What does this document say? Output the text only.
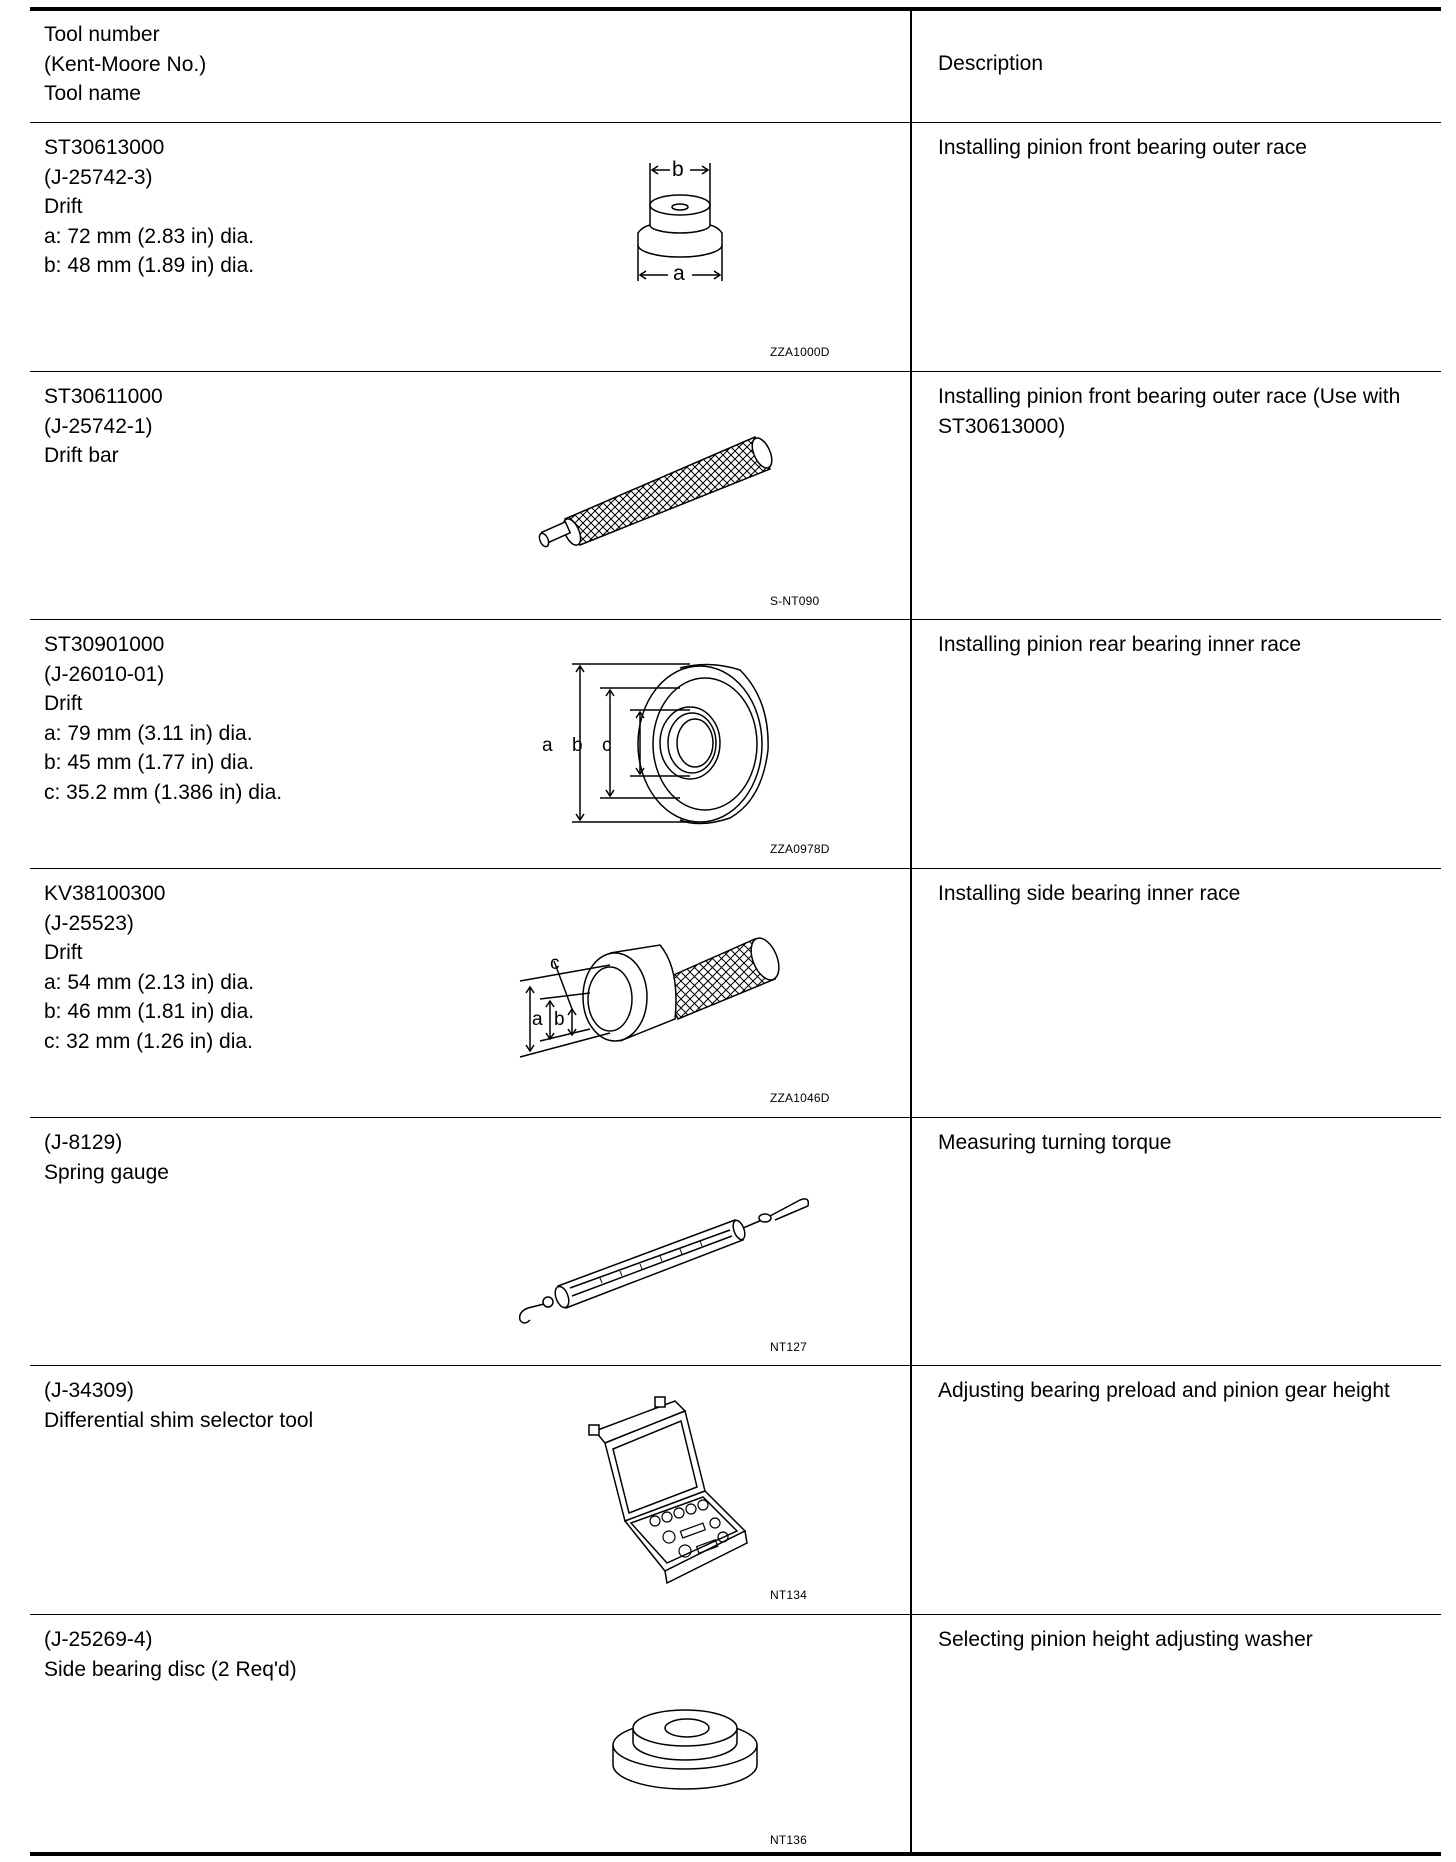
Tool number
(Kent-Moore No.)
Tool name
Description
ST30613000
(J-25742-3)
Drift
a: 72 mm (2.83 in) dia.
b: 48 mm (1.89 in) dia.
b
a
ZZA1000D
Installing pinion front bearing outer race
ST30611000
(J-25742-1)
Drift bar
S-NT090
Installing pinion front bearing outer race (Use with ST30613000)
ST30901000
(J-26010-01)
Drift
a: 79 mm (3.11 in) dia.
b: 45 mm (1.77 in) dia.
c: 35.2 mm (1.386 in) dia.
a b c
ZZA0978D
Installing pinion rear bearing inner race
KV38100300
(J-25523)
Drift
a: 54 mm (2.13 in) dia.
b: 46 mm (1.81 in) dia.
c: 32 mm (1.26 in) dia.
a b
c
ZZA1046D
Installing side bearing inner race
(J-8129)
Spring gauge
NT127
Measuring turning torque
(J-34309)
Differential shim selector tool
NT134
Adjusting bearing preload and pinion gear height
(J-25269-4)
Side bearing disc (2 Req'd)
NT136
Selecting pinion height adjusting washer
